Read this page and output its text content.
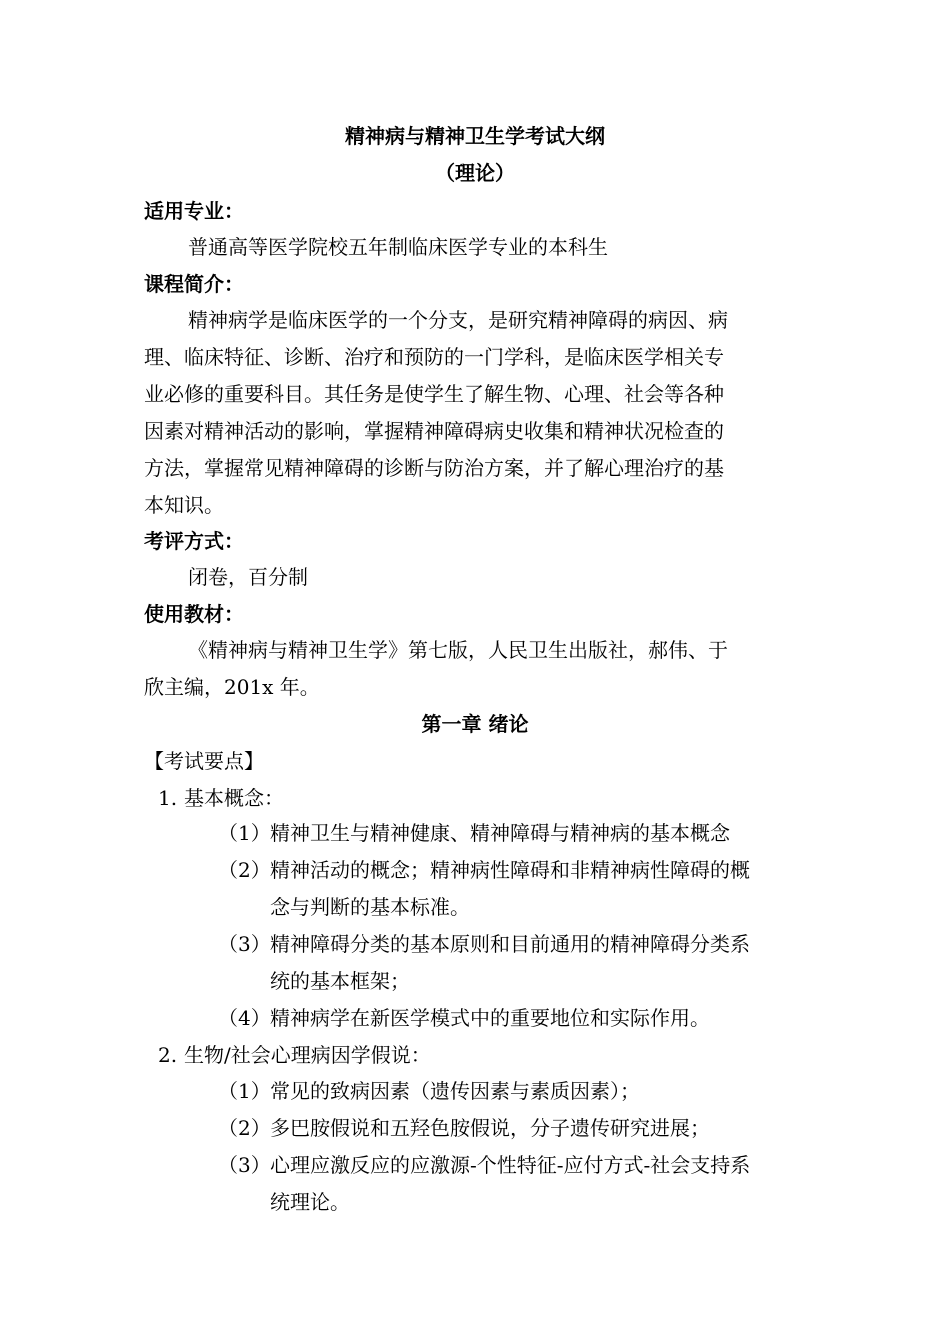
精神病与精神卫生学考试大纲
（理论）
适用专业：
普通高等医学院校五年制临床医学专业的本科生
课程简介：
精神病学是临床医学的一个分支，是研究精神障碍的病因、病
理、临床特征、诊断、治疗和预防的一门学科，是临床医学相关专
业必修的重要科目。其任务是使学生了解生物、心理、社会等各种
因素对精神活动的影响，掌握精神障碍病史收集和精神状况检查的
方法，掌握常见精神障碍的诊断与防治方案，并了解心理治疗的基
本知识。
考评方式：
闭卷，百分制
使用教材：
《精神病与精神卫生学》第七版，人民卫生出版社，郝伟、于
欣主编，201x 年。
第一章 绪论
【考试要点】
1. 基本概念：
（1） 精神卫生与精神健康、精神障碍与精神病的基本概念
（2） 精神活动的概念；精神病性障碍和非精神病性障碍的概
念与判断的基本标准。
（3） 精神障碍分类的基本原则和目前通用的精神障碍分类系
统的基本框架；
（4） 精神病学在新医学模式中的重要地位和实际作用。
2. 生物/社会心理病因学假说：
（1） 常见的致病因素（遗传因素与素质因素）；
（2） 多巴胺假说和五羟色胺假说，分子遗传研究进展；
（3） 心理应激反应的应激源-个性特征-应付方式-社会支持系
统理论。
